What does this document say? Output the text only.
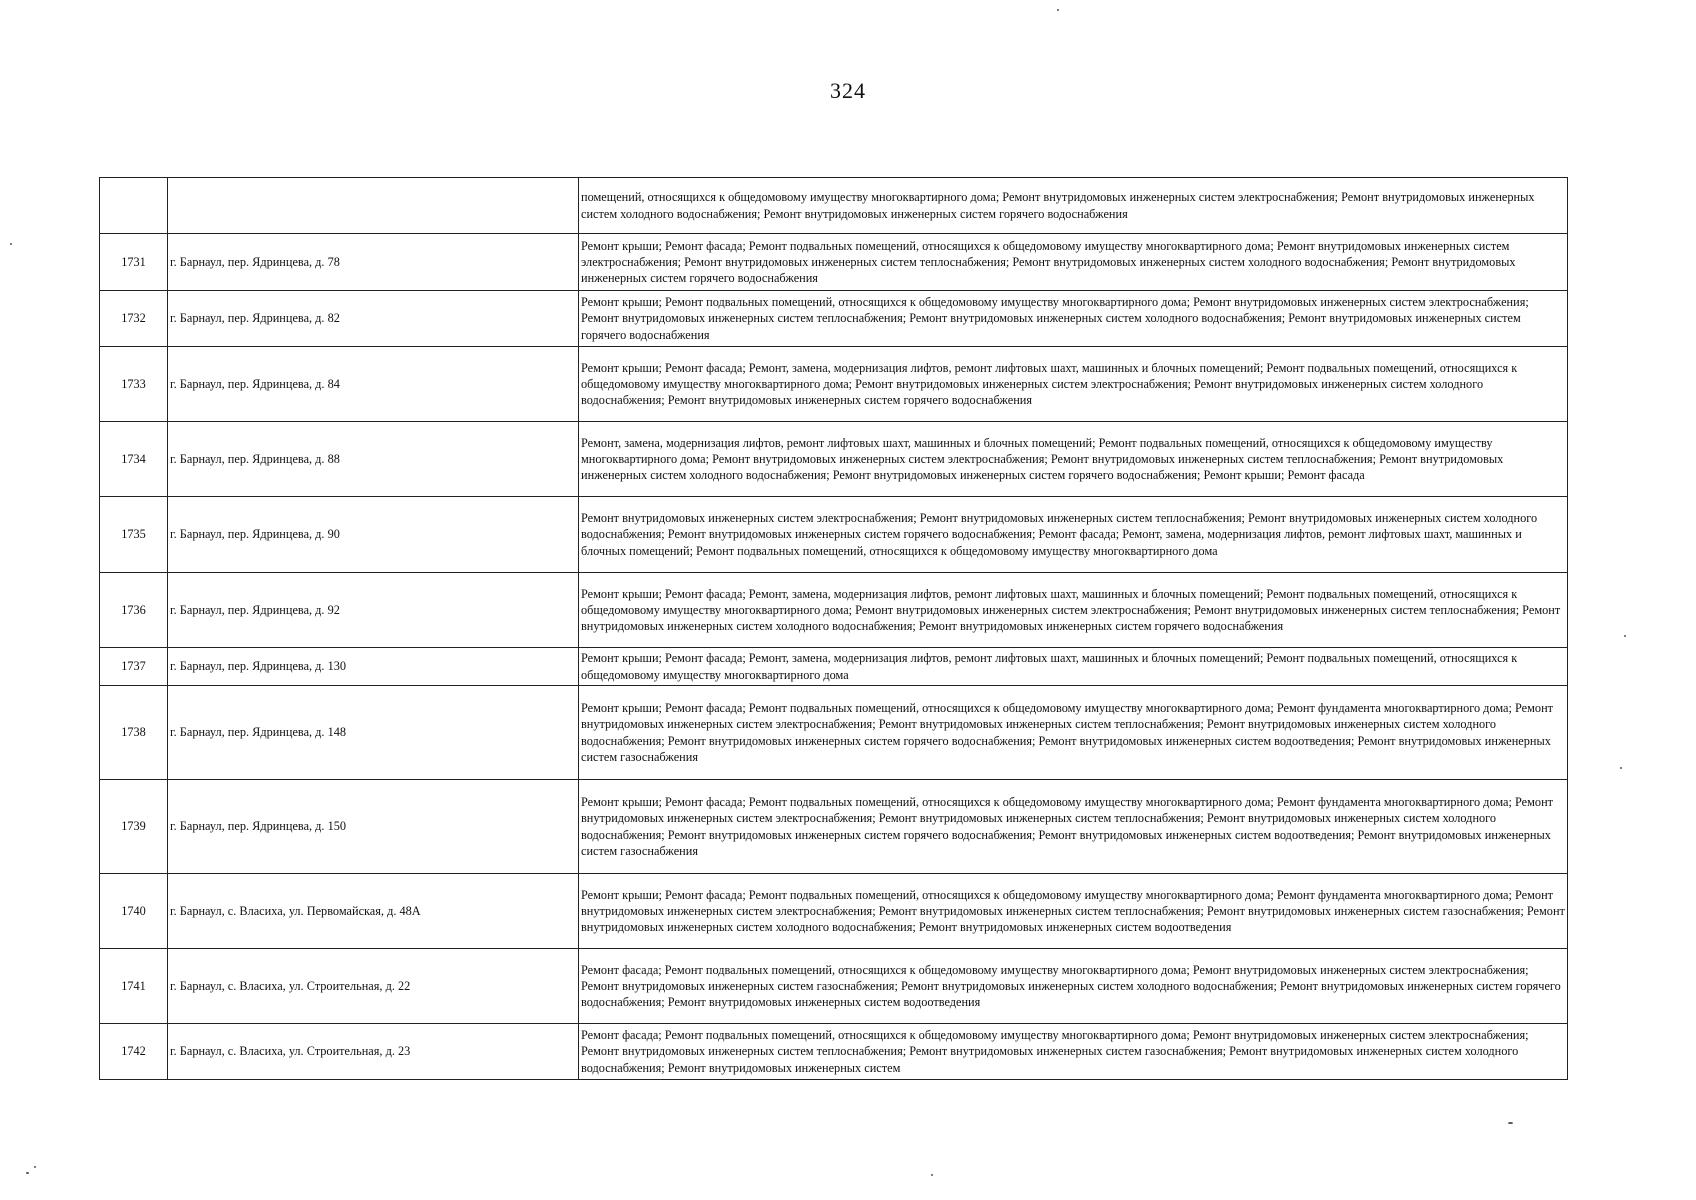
324
		помещений, относящихся к общедомовому имуществу многоквартирного дома; Ремонт внутридомовых инженерных систем электроснабжения; Ремонт внутридомовых инженерных систем холодного водоснабжения; Ремонт внутридомовых инженерных систем горячего водоснабжения
1731	г. Барнаул, пер. Ядринцева, д. 78	Ремонт крыши; Ремонт фасада; Ремонт подвальных помещений, относящихся к общедомовому имуществу многоквартирного дома; Ремонт внутридомовых инженерных систем электроснабжения; Ремонт внутридомовых инженерных систем теплоснабжения; Ремонт внутридомовых инженерных систем холодного водоснабжения; Ремонт внутридомовых инженерных систем горячего водоснабжения
1732	г. Барнаул, пер. Ядринцева, д. 82	Ремонт крыши; Ремонт подвальных помещений, относящихся к общедомовому имуществу многоквартирного дома; Ремонт внутридомовых инженерных систем электроснабжения; Ремонт внутридомовых инженерных систем теплоснабжения; Ремонт внутридомовых инженерных систем холодного водоснабжения; Ремонт внутридомовых инженерных систем горячего водоснабжения
1733	г. Барнаул, пер. Ядринцева, д. 84	Ремонт крыши; Ремонт фасада; Ремонт, замена, модернизация лифтов, ремонт лифтовых шахт, машинных и блочных помещений; Ремонт подвальных помещений, относящихся к общедомовому имуществу многоквартирного дома; Ремонт внутридомовых инженерных систем электроснабжения; Ремонт внутридомовых инженерных систем холодного водоснабжения; Ремонт внутридомовых инженерных систем горячего водоснабжения
1734	г. Барнаул, пер. Ядринцева, д. 88	Ремонт, замена, модернизация лифтов, ремонт лифтовых шахт, машинных и блочных помещений; Ремонт подвальных помещений, относящихся к общедомовому имуществу многоквартирного дома; Ремонт внутридомовых инженерных систем электроснабжения; Ремонт внутридомовых инженерных систем теплоснабжения; Ремонт внутридомовых инженерных систем холодного водоснабжения; Ремонт внутридомовых инженерных систем горячего водоснабжения; Ремонт крыши; Ремонт фасада
1735	г. Барнаул, пер. Ядринцева, д. 90	Ремонт внутридомовых инженерных систем электроснабжения; Ремонт внутридомовых инженерных систем теплоснабжения; Ремонт внутридомовых инженерных систем холодного водоснабжения; Ремонт внутридомовых инженерных систем горячего водоснабжения; Ремонт фасада; Ремонт, замена, модернизация лифтов, ремонт лифтовых шахт, машинных и блочных помещений; Ремонт подвальных помещений, относящихся к общедомовому имуществу многоквартирного дома
1736	г. Барнаул, пер. Ядринцева, д. 92	Ремонт крыши; Ремонт фасада; Ремонт, замена, модернизация лифтов, ремонт лифтовых шахт, машинных и блочных помещений; Ремонт подвальных помещений, относящихся к общедомовому имуществу многоквартирного дома; Ремонт внутридомовых инженерных систем электроснабжения; Ремонт внутридомовых инженерных систем теплоснабжения; Ремонт внутридомовых инженерных систем холодного водоснабжения; Ремонт внутридомовых инженерных систем горячего водоснабжения
1737	г. Барнаул, пер. Ядринцева, д. 130	Ремонт крыши; Ремонт фасада; Ремонт, замена, модернизация лифтов, ремонт лифтовых шахт, машинных и блочных помещений; Ремонт подвальных помещений, относящихся к общедомовому имуществу многоквартирного дома
1738	г. Барнаул, пер. Ядринцева, д. 148	Ремонт крыши; Ремонт фасада; Ремонт подвальных помещений, относящихся к общедомовому имуществу многоквартирного дома; Ремонт фундамента многоквартирного дома; Ремонт внутридомовых инженерных систем электроснабжения; Ремонт внутридомовых инженерных систем теплоснабжения; Ремонт внутридомовых инженерных систем холодного водоснабжения; Ремонт внутридомовых инженерных систем горячего водоснабжения; Ремонт внутридомовых инженерных систем водоотведения; Ремонт внутридомовых инженерных систем газоснабжения
1739	г. Барнаул, пер. Ядринцева, д. 150	Ремонт крыши; Ремонт фасада; Ремонт подвальных помещений, относящихся к общедомовому имуществу многоквартирного дома; Ремонт фундамента многоквартирного дома; Ремонт внутридомовых инженерных систем электроснабжения; Ремонт внутридомовых инженерных систем теплоснабжения; Ремонт внутридомовых инженерных систем холодного водоснабжения; Ремонт внутридомовых инженерных систем горячего водоснабжения; Ремонт внутридомовых инженерных систем водоотведения; Ремонт внутридомовых инженерных систем газоснабжения
1740	г. Барнаул, с. Власиха, ул. Первомайская, д. 48А	Ремонт крыши; Ремонт фасада; Ремонт подвальных помещений, относящихся к общедомовому имуществу многоквартирного дома; Ремонт фундамента многоквартирного дома; Ремонт внутридомовых инженерных систем электроснабжения; Ремонт внутридомовых инженерных систем теплоснабжения; Ремонт внутридомовых инженерных систем газоснабжения; Ремонт внутридомовых инженерных систем холодного водоснабжения; Ремонт внутридомовых инженерных систем водоотведения
1741	г. Барнаул, с. Власиха, ул. Строительная, д. 22	Ремонт фасада; Ремонт подвальных помещений, относящихся к общедомовому имуществу многоквартирного дома; Ремонт внутридомовых инженерных систем электроснабжения; Ремонт внутридомовых инженерных систем газоснабжения; Ремонт внутридомовых инженерных систем холодного водоснабжения; Ремонт внутридомовых инженерных систем горячего водоснабжения; Ремонт внутридомовых инженерных систем водоотведения
1742	г. Барнаул, с. Власиха, ул. Строительная, д. 23	Ремонт фасада; Ремонт подвальных помещений, относящихся к общедомовому имуществу многоквартирного дома; Ремонт внутридомовых инженерных систем электроснабжения; Ремонт внутридомовых инженерных систем теплоснабжения; Ремонт внутридомовых инженерных систем газоснабжения; Ремонт внутридомовых инженерных систем холодного водоснабжения; Ремонт внутридомовых инженерных систем
